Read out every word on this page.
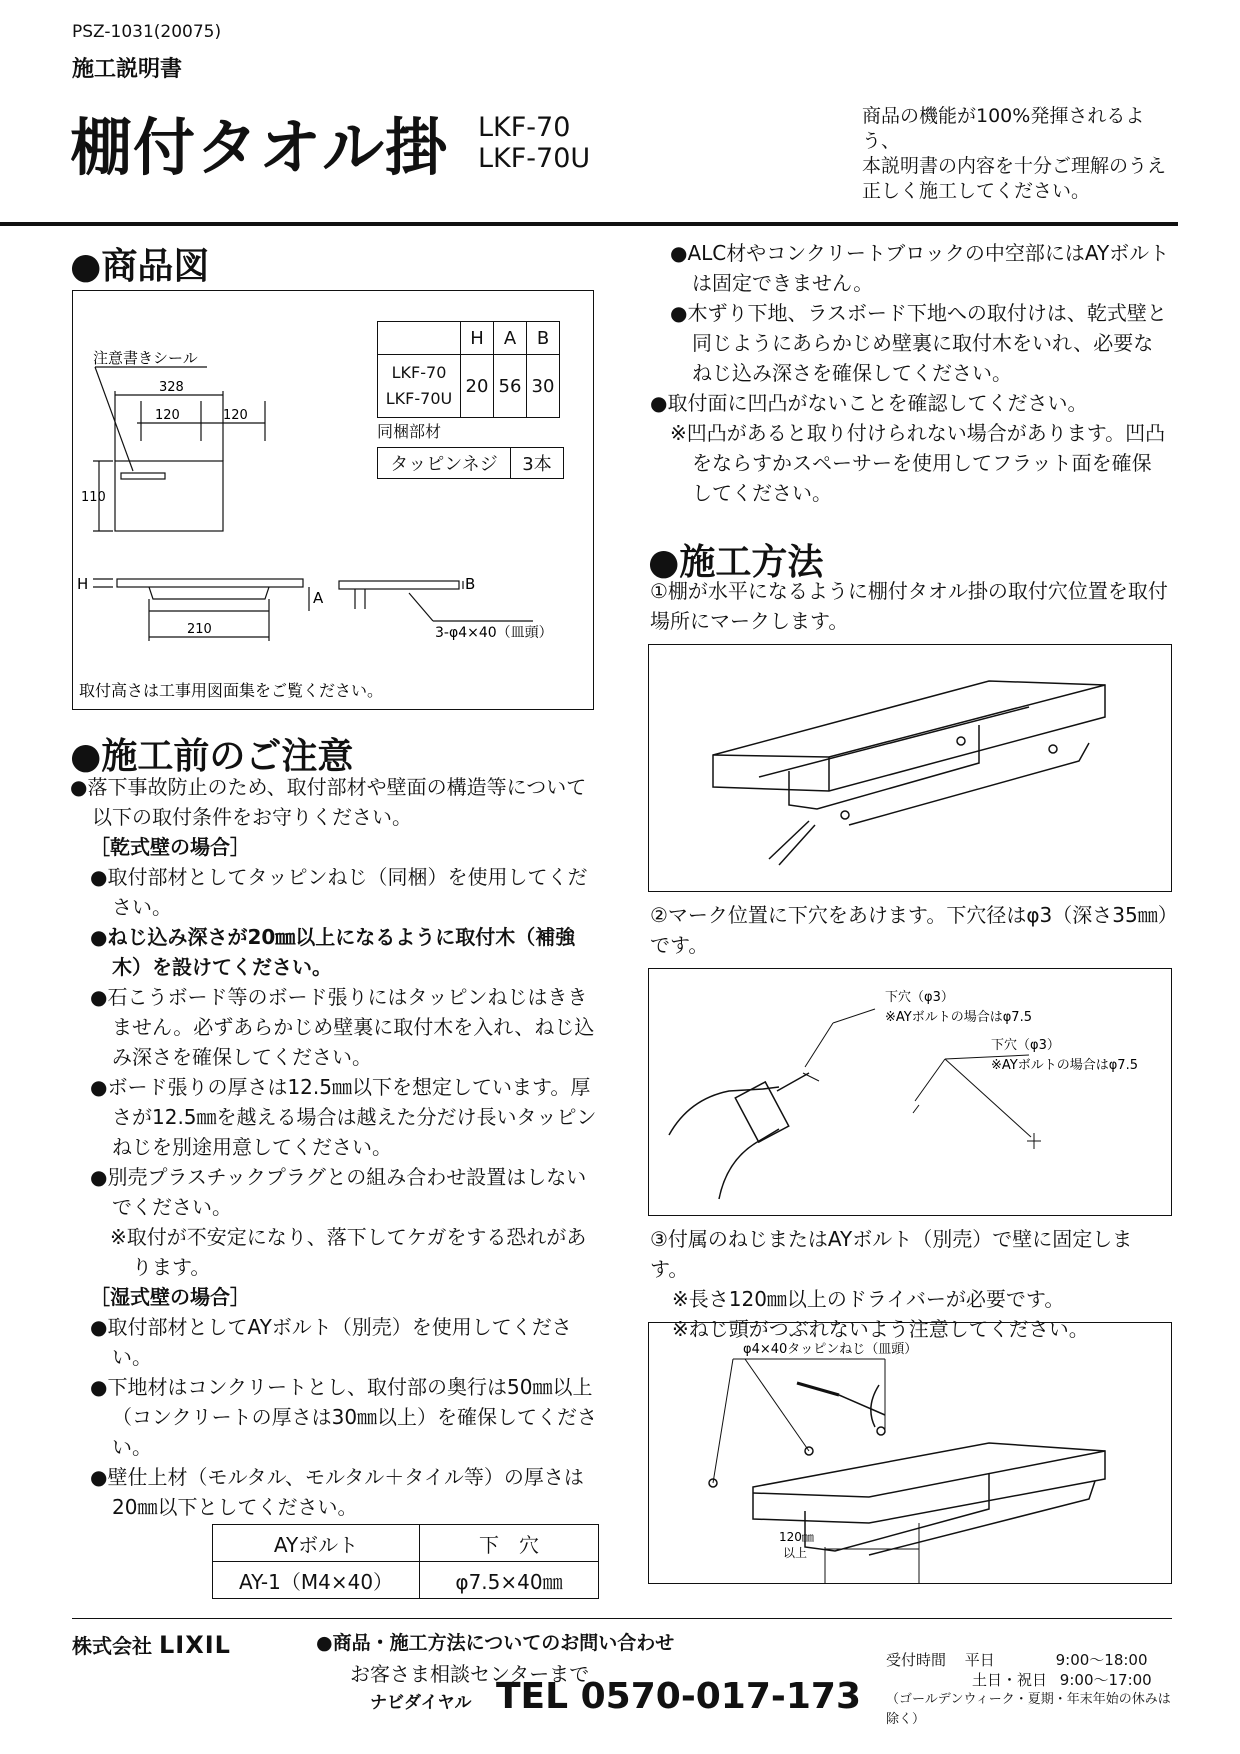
PSZ-1031(20075)
施工説明書
棚付タオル掛 LKF-70
LKF-70U
商品の機能が100%発揮されるよう、
本説明書の内容を十分ご理解のうえ
正しく施工してください。
●商品図
注意書きシール
328
120	120
110
210
H
A
B
3-φ4×40（皿頭）
取付高さは工事用図面集をご覧ください。
	H	A	B

LKF-70
LKF-70U	20	56	30
同梱部材
タッピンネジ	3本
●施工前のご注意
●落下事故防止のため、取付部材や壁面の構造等について以下の取付条件をお守りください。
［乾式壁の場合］
●取付部材としてタッピンねじ（同梱）を使用してください。
●ねじ込み深さが20㎜以上になるように取付木（補強木）を設けてください。
●石こうボード等のボード張りにはタッピンねじはききません。必ずあらかじめ壁裏に取付木を入れ、ねじ込み深さを確保してください。
●ボード張りの厚さは12.5㎜以下を想定しています。厚さが12.5㎜を越える場合は越えた分だけ長いタッピンねじを別途用意してください。
●別売プラスチックプラグとの組み合わせ設置はしないでください。
※取付が不安定になり、落下してケガをする恐れがあります。
［湿式壁の場合］
●取付部材としてAYボルト（別売）を使用してください。
●下地材はコンクリートとし、取付部の奥行は50㎜以上（コンクリートの厚さは30㎜以上）を確保してください。
●壁仕上材（モルタル、モルタル＋タイル等）の厚さは20㎜以下としてください。
AYボルト	下　穴
AY-1（M4×40）	φ7.5×40㎜
●ALC材やコンクリートブロックの中空部にはAYボルトは固定できません。
●木ずり下地、ラスボード下地への取付けは、乾式壁と同じようにあらかじめ壁裏に取付木をいれ、必要なねじ込み深さを確保してください。
●取付面に凹凸がないことを確認してください。
※凹凸があると取り付けられない場合があります。凹凸をならすかスペーサーを使用してフラット面を確保してください。
●施工方法
①棚が水平になるように棚付タオル掛の取付穴位置を取付場所にマークします。
②マーク位置に下穴をあけます。下穴径はφ3（深さ35㎜）です。
下穴（φ3）
※AYボルトの場合はφ7.5
下穴（φ3）
※AYボルトの場合はφ7.5
③付属のねじまたはAYボルト（別売）で壁に固定します。
※長さ120㎜以上のドライバーが必要です。
※ねじ頭がつぶれないよう注意してください。
φ4×40タッピンねじ（皿頭）
120㎜
以上
株式会社 LIXIL	●商品・施工方法についてのお問い合わせ
お客さま相談センターまで
ナビダイヤル TEL 0570-017-173
受付時間 平日	9:00〜18:00
土日・祝日 9:00〜17:00
（ゴールデンウィーク・夏期・年末年始の休みは除く）
